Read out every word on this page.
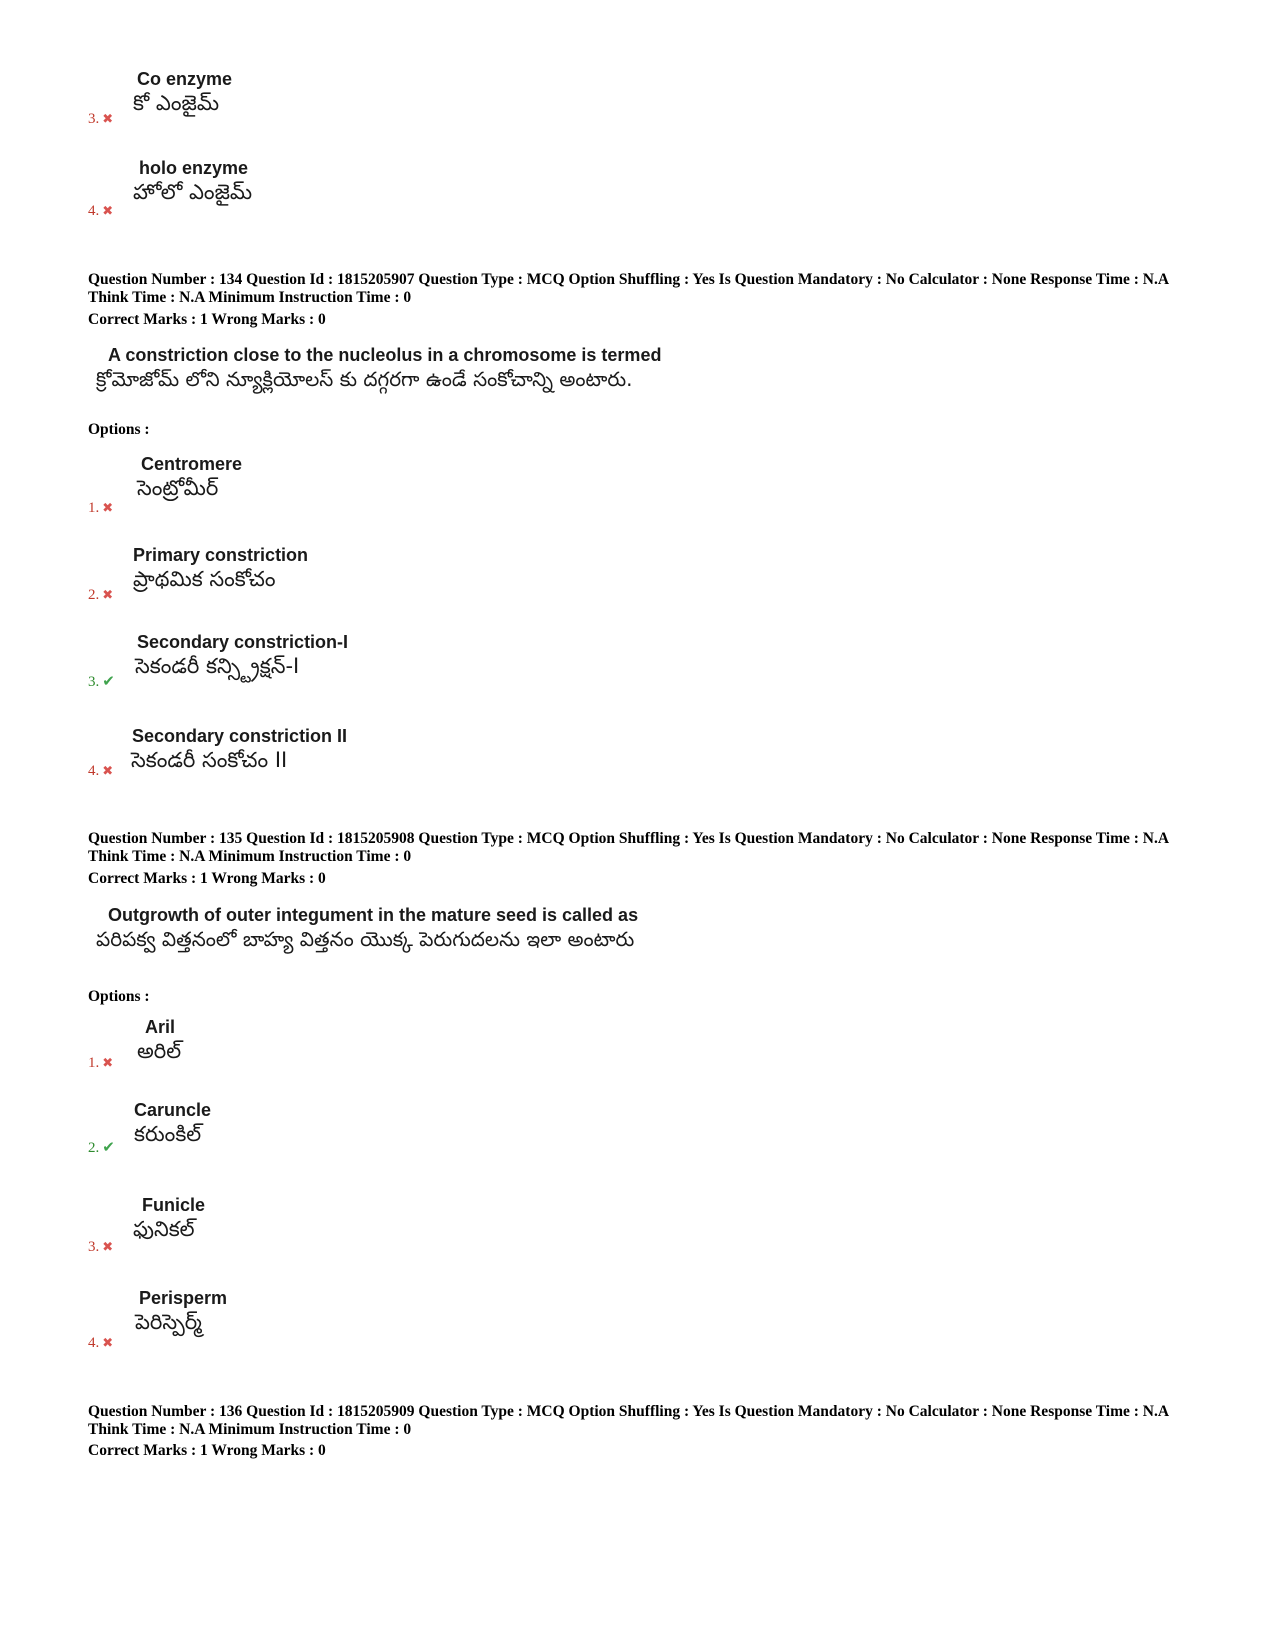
Co enzyme
కో ఎంజైమ్
3. ✖
holo enzyme
హోలో ఎంజైమ్
4. ✖
Question Number : 134 Question Id : 1815205907 Question Type : MCQ Option Shuffling : Yes Is Question Mandatory : No Calculator : None Response Time : N.A Think Time : N.A Minimum Instruction Time : 0
Correct Marks : 1 Wrong Marks : 0
A constriction close to the nucleolus in a chromosome is termed
క్రోమోజోమ్ లోని న్యూక్లియోలస్ కు దగ్గరగా ఉండే సంకోచాన్ని అంటారు.
Options :
Centromere
సెంట్రోమీర్
1. ✖
Primary constriction
ప్రాథమిక సంకోచం
2. ✖
Secondary constriction-I
సెకండరీ కన్స్ట్రిక్షన్-I
3. ✔
Secondary constriction II
సెకండరీ సంకోచం II
4. ✖
Question Number : 135 Question Id : 1815205908 Question Type : MCQ Option Shuffling : Yes Is Question Mandatory : No Calculator : None Response Time : N.A Think Time : N.A Minimum Instruction Time : 0
Correct Marks : 1 Wrong Marks : 0
Outgrowth of outer integument in the mature seed is called as
పరిపక్వ విత్తనంలో బాహ్య విత్తనం యొక్క పెరుగుదలను ఇలా అంటారు
Options :
Aril
అరిల్
1. ✖
Caruncle
కరుంకిల్
2. ✔
Funicle
ఫునికల్
3. ✖
Perisperm
పెరిస్పెర్మ్
4. ✖
Question Number : 136 Question Id : 1815205909 Question Type : MCQ Option Shuffling : Yes Is Question Mandatory : No Calculator : None Response Time : N.A Think Time : N.A Minimum Instruction Time : 0
Correct Marks : 1 Wrong Marks : 0
